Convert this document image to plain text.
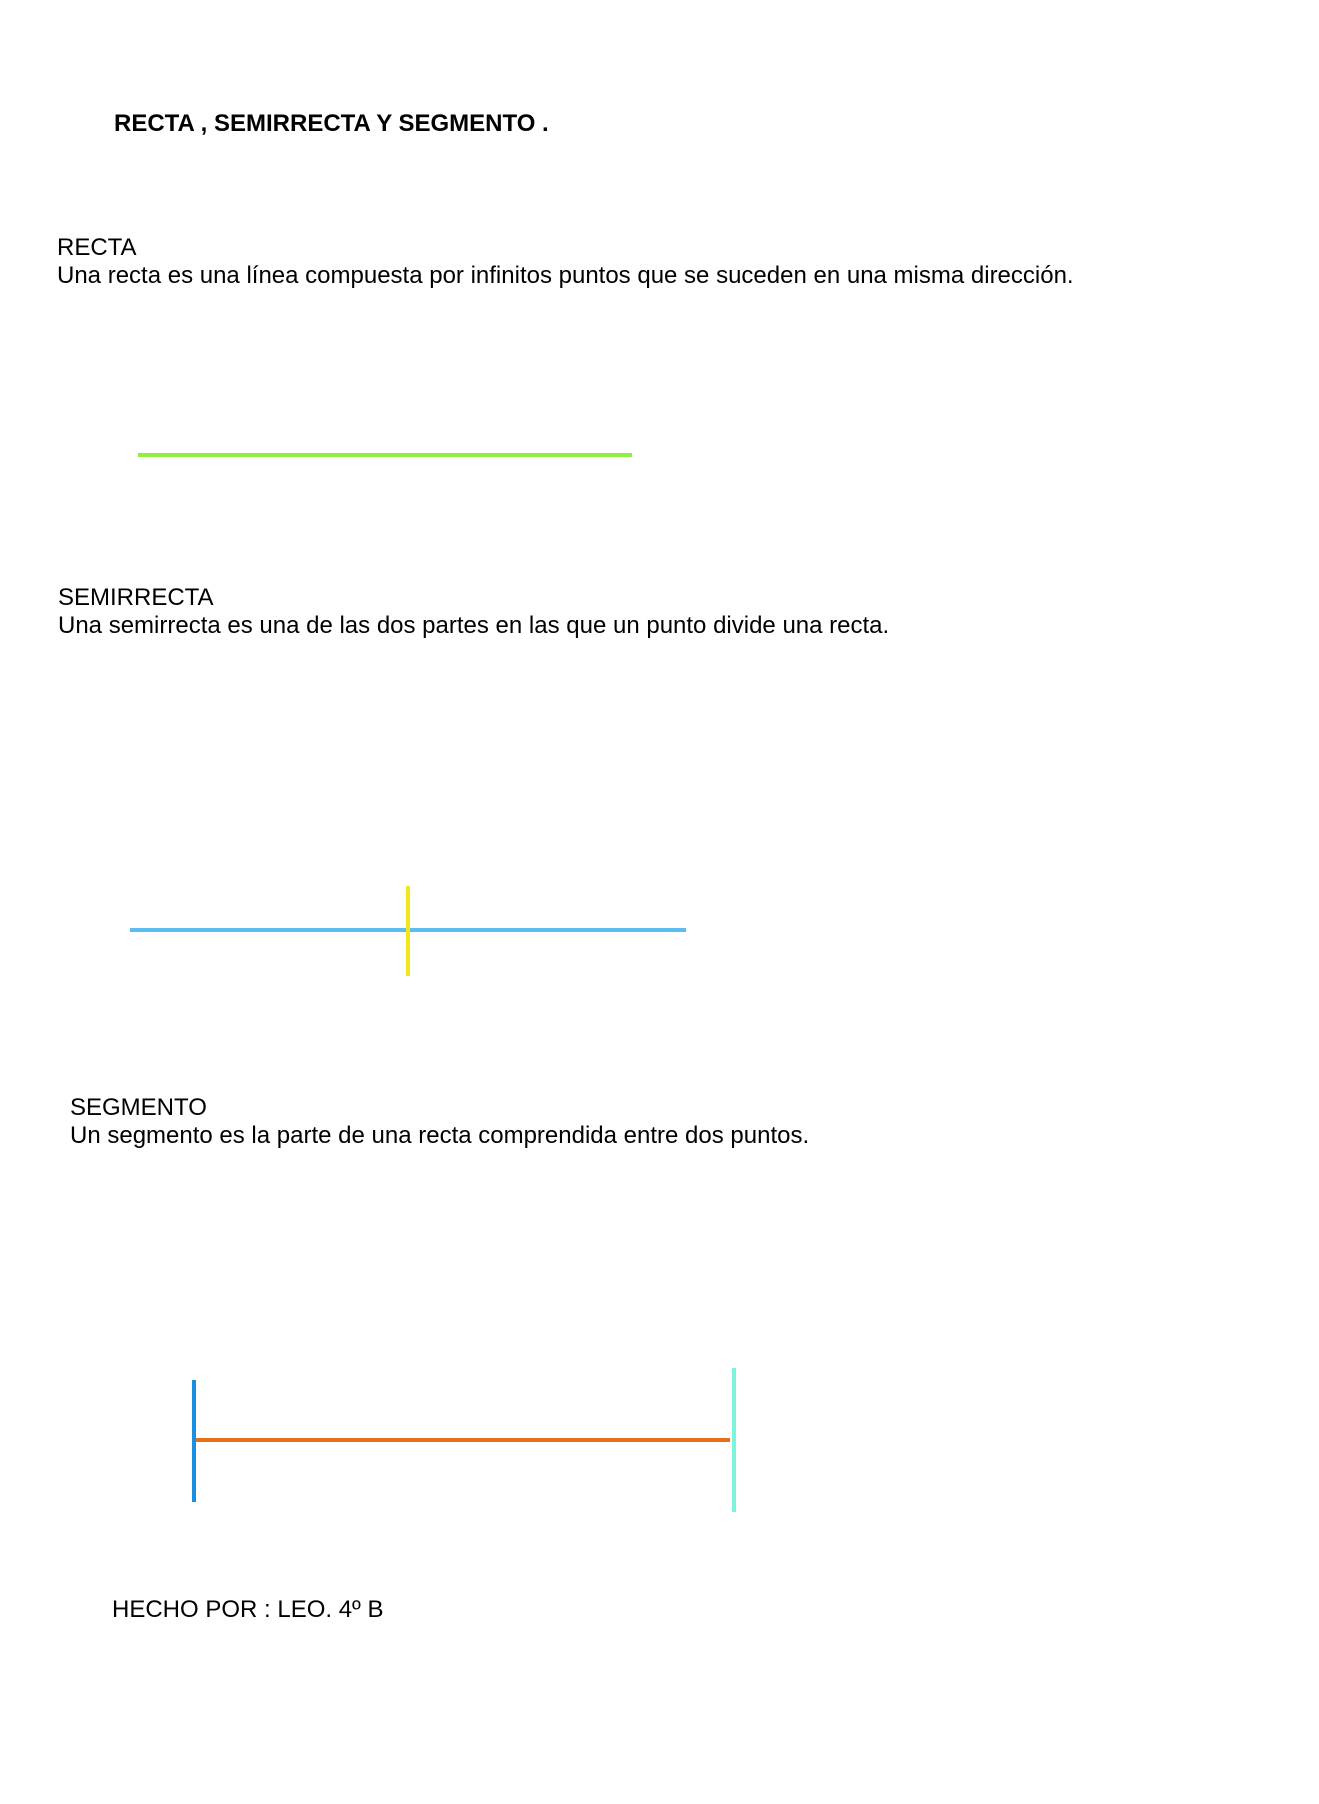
RECTA , SEMIRRECTA Y SEGMENTO .
RECTA
Una recta es una línea compuesta por infinitos puntos que se suceden en una misma dirección.
SEMIRRECTA
Una semirrecta es una de las dos partes en las que un punto divide una recta.
SEGMENTO
Un segmento es la parte de una recta comprendida entre dos puntos.
HECHO POR : LEO. 4º B
